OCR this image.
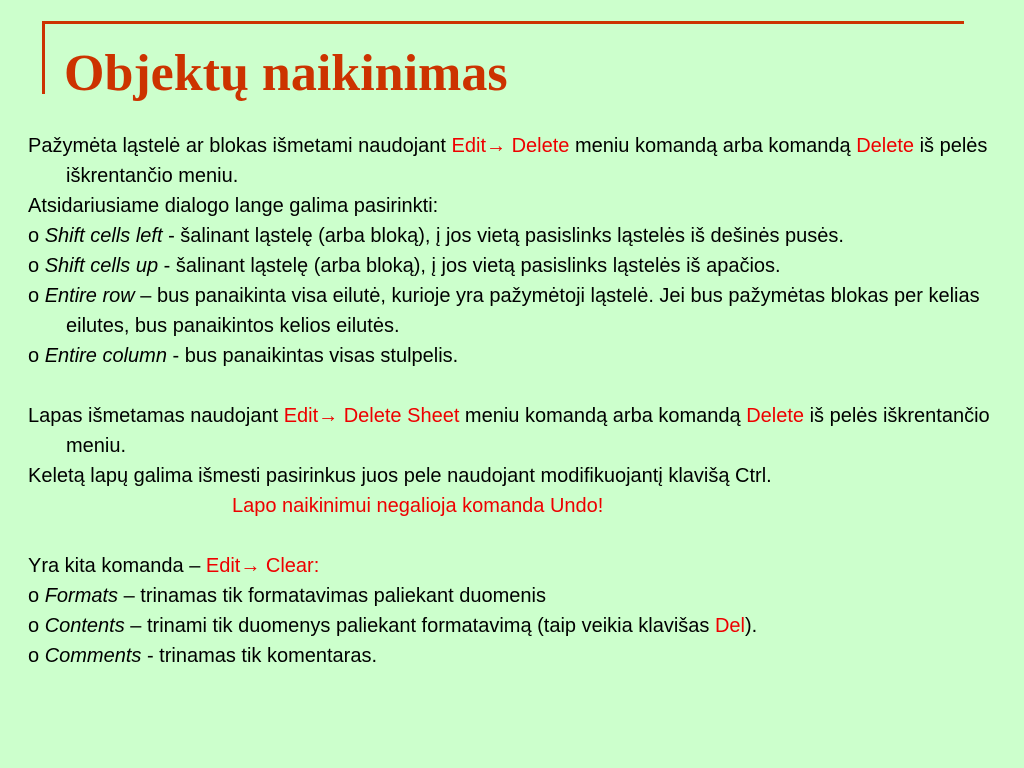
Objektų naikinimas

Pažymėta ląstelė ar blokas išmetami naudojant Edit→ Delete meniu komandą arba komandą Delete iš pelės iškrentančio meniu.

Atsidariusiame dialogo lange galima pasirinkti:

o Shift cells left - šalinant ląstelę (arba bloką), į jos vietą pasislinks ląstelės iš dešinės pusės.

o Shift cells up - šalinant ląstelę (arba bloką), į jos vietą pasislinks ląstelės iš apačios.

o Entire row – bus panaikinta visa eilutė, kurioje yra pažymėtoji ląstelė. Jei bus pažymėtas blokas per kelias eilutes, bus panaikintos kelios eilutės.

o Entire column - bus panaikintas visas stulpelis.

Lapas išmetamas naudojant Edit→ Delete Sheet meniu komandą arba komandą Delete iš pelės iškrentančio meniu.

Keletą lapų galima išmesti pasirinkus juos pele naudojant modifikuojantį klavišą Ctrl.

Lapo naikinimui negalioja komanda Undo!

Yra kita komanda – Edit→ Clear:

o Formats – trinamas tik formatavimas paliekant duomenis

o Contents – trinami tik duomenys paliekant formatavimą (taip veikia klavišas Del).

o Comments - trinamas tik komentaras.
